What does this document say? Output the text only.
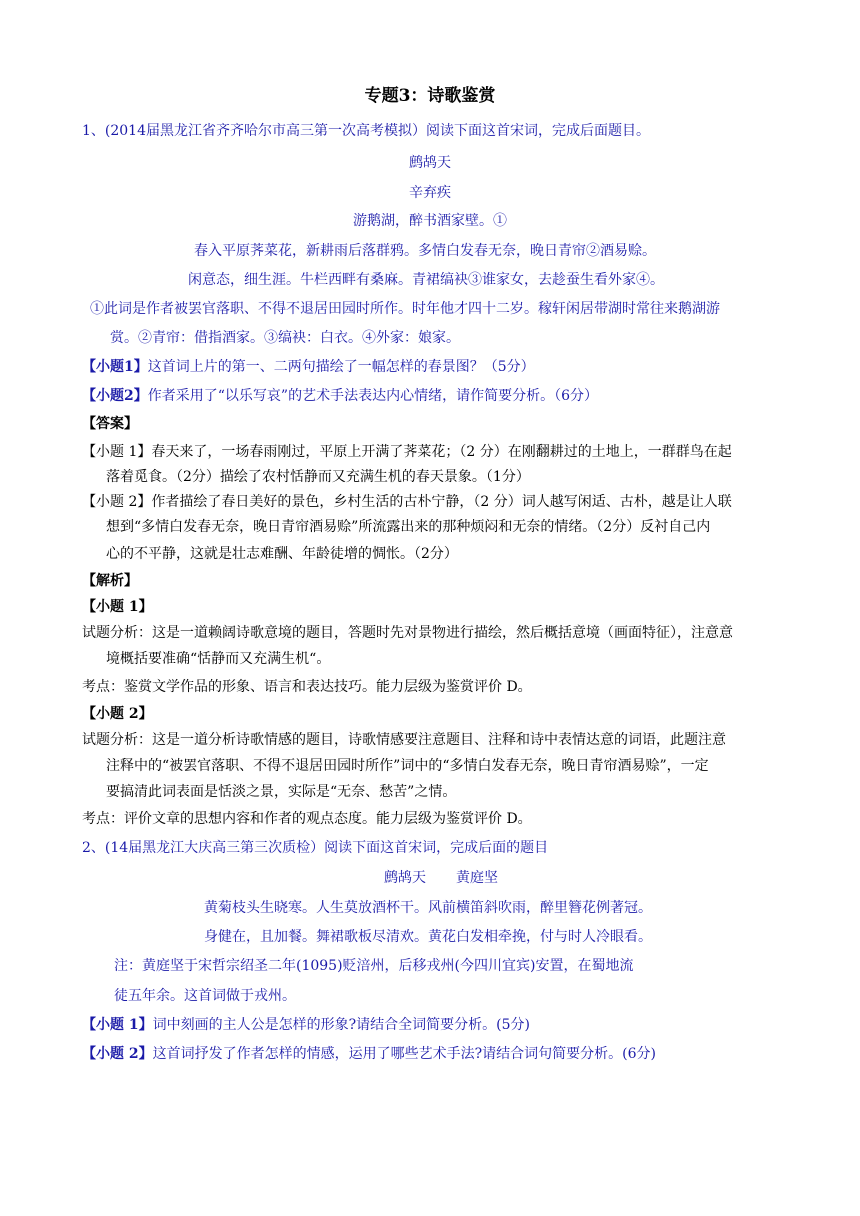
专题3：诗歌鉴赏
1、(2014届黑龙江省齐齐哈尔市高三第一次高考模拟）阅读下面这首宋词，完成后面题目。
鹧鸪天
辛弃疾
游鹅湖，醉书酒家壁。①
春入平原荠菜花，新耕雨后落群鸦。多情白发春无奈，晚日青帘②酒易赊。
闲意态，细生涯。牛栏西畔有桑麻。青裙缟袂③谁家女，去趁蚕生看外家④。
①此词是作者被罢官落职、不得不退居田园时所作。时年他才四十二岁。稼轩闲居带湖时常往来鹅湖游
赏。②青帘：借指酒家。③缟袂：白衣。④外家：娘家。
【小题1】这首词上片的第一、二两句描绘了一幅怎样的春景图？（5分）
【小题2】作者采用了“以乐写哀”的艺术手法表达内心情绪，请作简要分析。（6分）
【答案】
【小题 1】春天来了，一场春雨刚过，平原上开满了荠菜花；（2 分）在刚翻耕过的土地上，一群群鸟在起
落着觅食。（2分）描绘了农村恬静而又充满生机的春天景象。（1分）
【小题 2】作者描绘了春日美好的景色，乡村生活的古朴宁静，（2 分）词人越写闲适、古朴，越是让人联
想到“多情白发春无奈，晚日青帘酒易赊”所流露出来的那种烦闷和无奈的情绪。（2分）反衬自己内
心的不平静，这就是壮志难酬、年龄徒增的惆怅。（2分）
【解析】
【小题 1】
试题分析：这是一道赖阔诗歌意境的题目，答题时先对景物进行描绘，然后概括意境（画面特征），注意意
境概括要准确“恬静而又充满生机“。
考点：鉴赏文学作品的形象、语言和表达技巧。能力层级为鉴赏评价 D。
【小题 2】
试题分析：这是一道分析诗歌情感的题目，诗歌情感要注意题目、注释和诗中表情达意的词语，此题注意
注释中的“被罢官落职、不得不退居田园时所作”词中的“多情白发春无奈，晚日青帘酒易赊”，一定
要搞清此词表面是恬淡之景，实际是“无奈、愁苦”之情。
考点：评价文章的思想内容和作者的观点态度。能力层级为鉴赏评价 D。
2、(14届黑龙江大庆高三第三次质检）阅读下面这首宋词，完成后面的题目
鹧鸪天 黄庭坚
黄菊枝头生晓寒。人生莫放酒杯干。风前横笛斜吹雨，醉里簪花例著冠。
身健在，且加餐。舞裙歌板尽清欢。黄花白发相牵挽，付与时人冷眼看。
注：黄庭坚于宋哲宗绍圣二年(1095)贬涪州，后移戎州(今四川宜宾)安置，在蜀地流
徒五年余。这首词做于戎州。
【小题 1】词中刻画的主人公是怎样的形象?请结合全词简要分析。(5分)
【小题 2】这首词抒发了作者怎样的情感，运用了哪些艺术手法?请结合词句简要分析。(6分)
